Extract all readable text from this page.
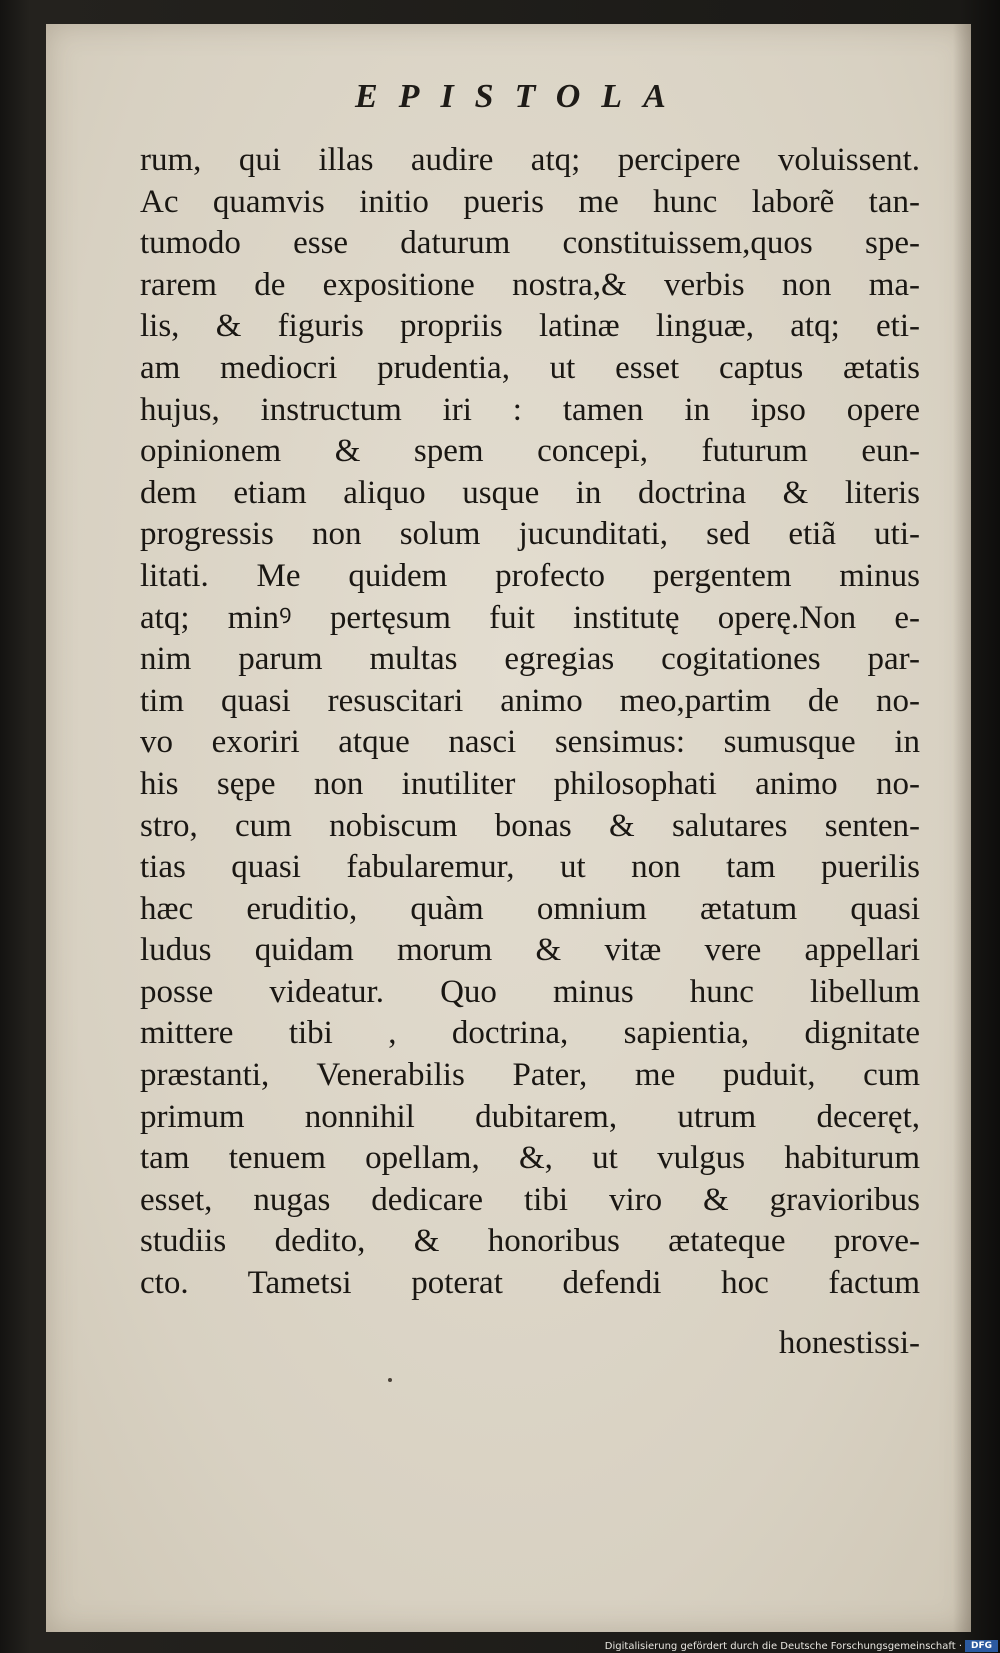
EPISTOLA
rum, qui illas audire atq; percipere voluissent.
Ac quamvis initio pueris me hunc laborẽ tan-
tumodo esse daturum constituissem,quos spe-
rarem de expositione nostra,& verbis non ma-
lis, & figuris propriis latinæ linguæ, atq; eti-
am mediocri prudentia, ut esset captus ætatis
hujus, instructum iri : tamen in ipso opere
opinionem & spem concepi, futurum eun-
dem etiam aliquo usque in doctrina & literis
progressis non solum jucunditati, sed etiã uti-
litati. Me quidem profecto pergentem minus
atq; minꝰ pertęsum fuit institutę operę.Non e-
nim parum multas egregias cogitationes par-
tim quasi resuscitari animo meo,partim de no-
vo exoriri atque nasci sensimus: sumusque in
his sępe non inutiliter philosophati animo no-
stro, cum nobiscum bonas & salutares senten-
tias quasi fabularemur, ut non tam puerilis
hæc eruditio, quàm omnium ætatum quasi
ludus quidam morum & vitæ vere appellari
posse videatur. Quo minus hunc libellum
mittere tibi , doctrina, sapientia, dignitate
præstanti, Venerabilis Pater, me puduit, cum
primum nonnihil dubitarem, utrum deceręt,
tam tenuem opellam, &, ut vulgus habiturum
esset, nugas dedicare tibi viro & gravioribus
studiis dedito, & honoribus ætateque prove-
cto. Tametsi poterat defendi hoc factum
honestissi-
Digitalisierung gefördert durch die Deutsche Forschungsgemeinschaft · DFG
